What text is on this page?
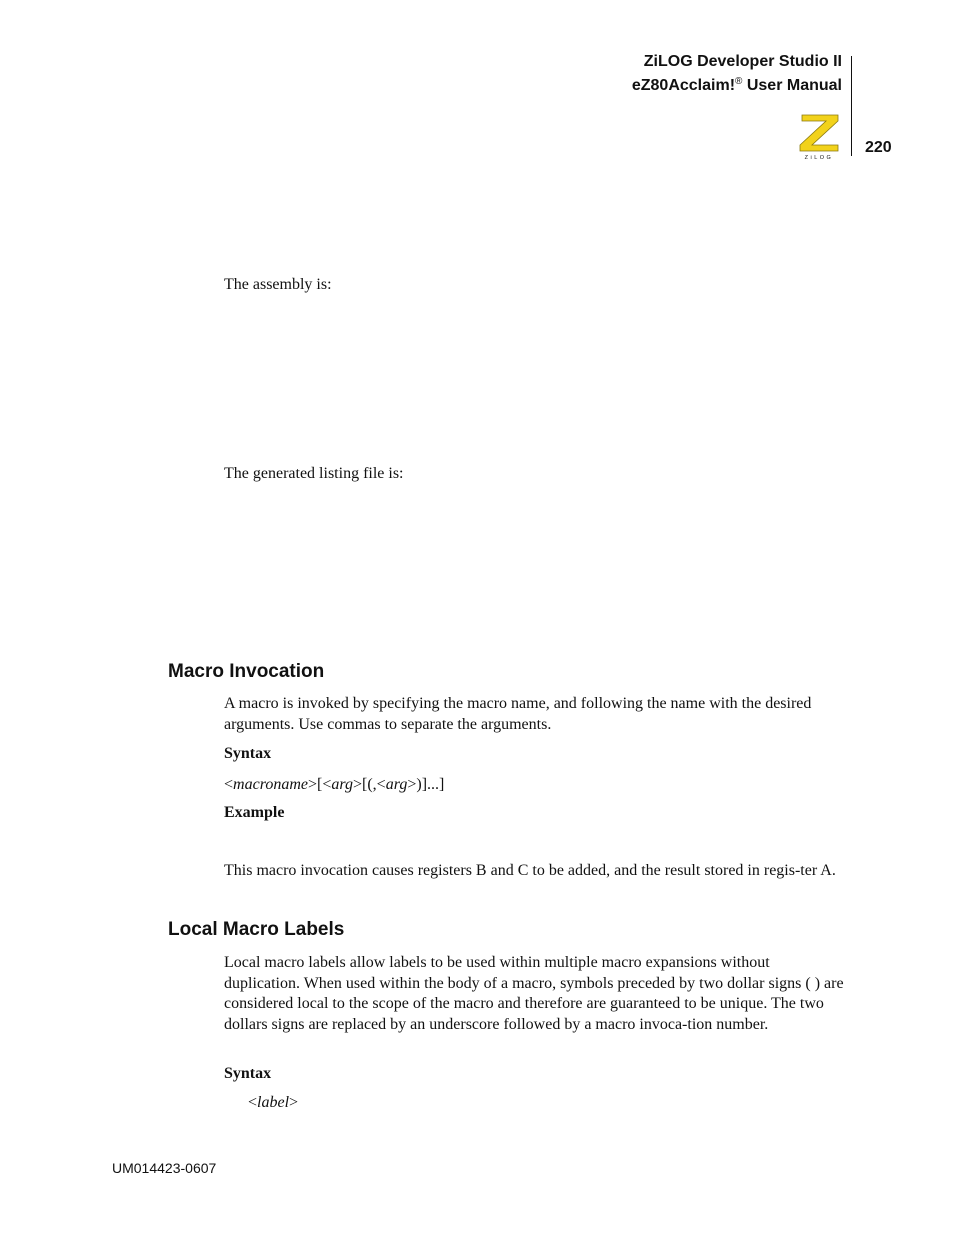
ZiLOG Developer Studio II
eZ80Acclaim!® User Manual
220
ZiLOG
The assembly is:
The generated listing file is:
Macro Invocation
A macro is invoked by specifying the macro name, and following the name with the desired arguments. Use commas to separate the arguments.
Syntax
<macroname>[<arg>[(,<arg>)]...]
Example
This macro invocation causes registers B and C to be added, and the result stored in regis-ter A.
Local Macro Labels
Local macro labels allow labels to be used within multiple macro expansions without duplication. When used within the body of a macro, symbols preceded by two dollar signs ( ) are considered local to the scope of the macro and therefore are guaranteed to be unique. The two dollars signs are replaced by an underscore followed by a macro invoca-tion number.
Syntax
<label>
UM014423-0607
